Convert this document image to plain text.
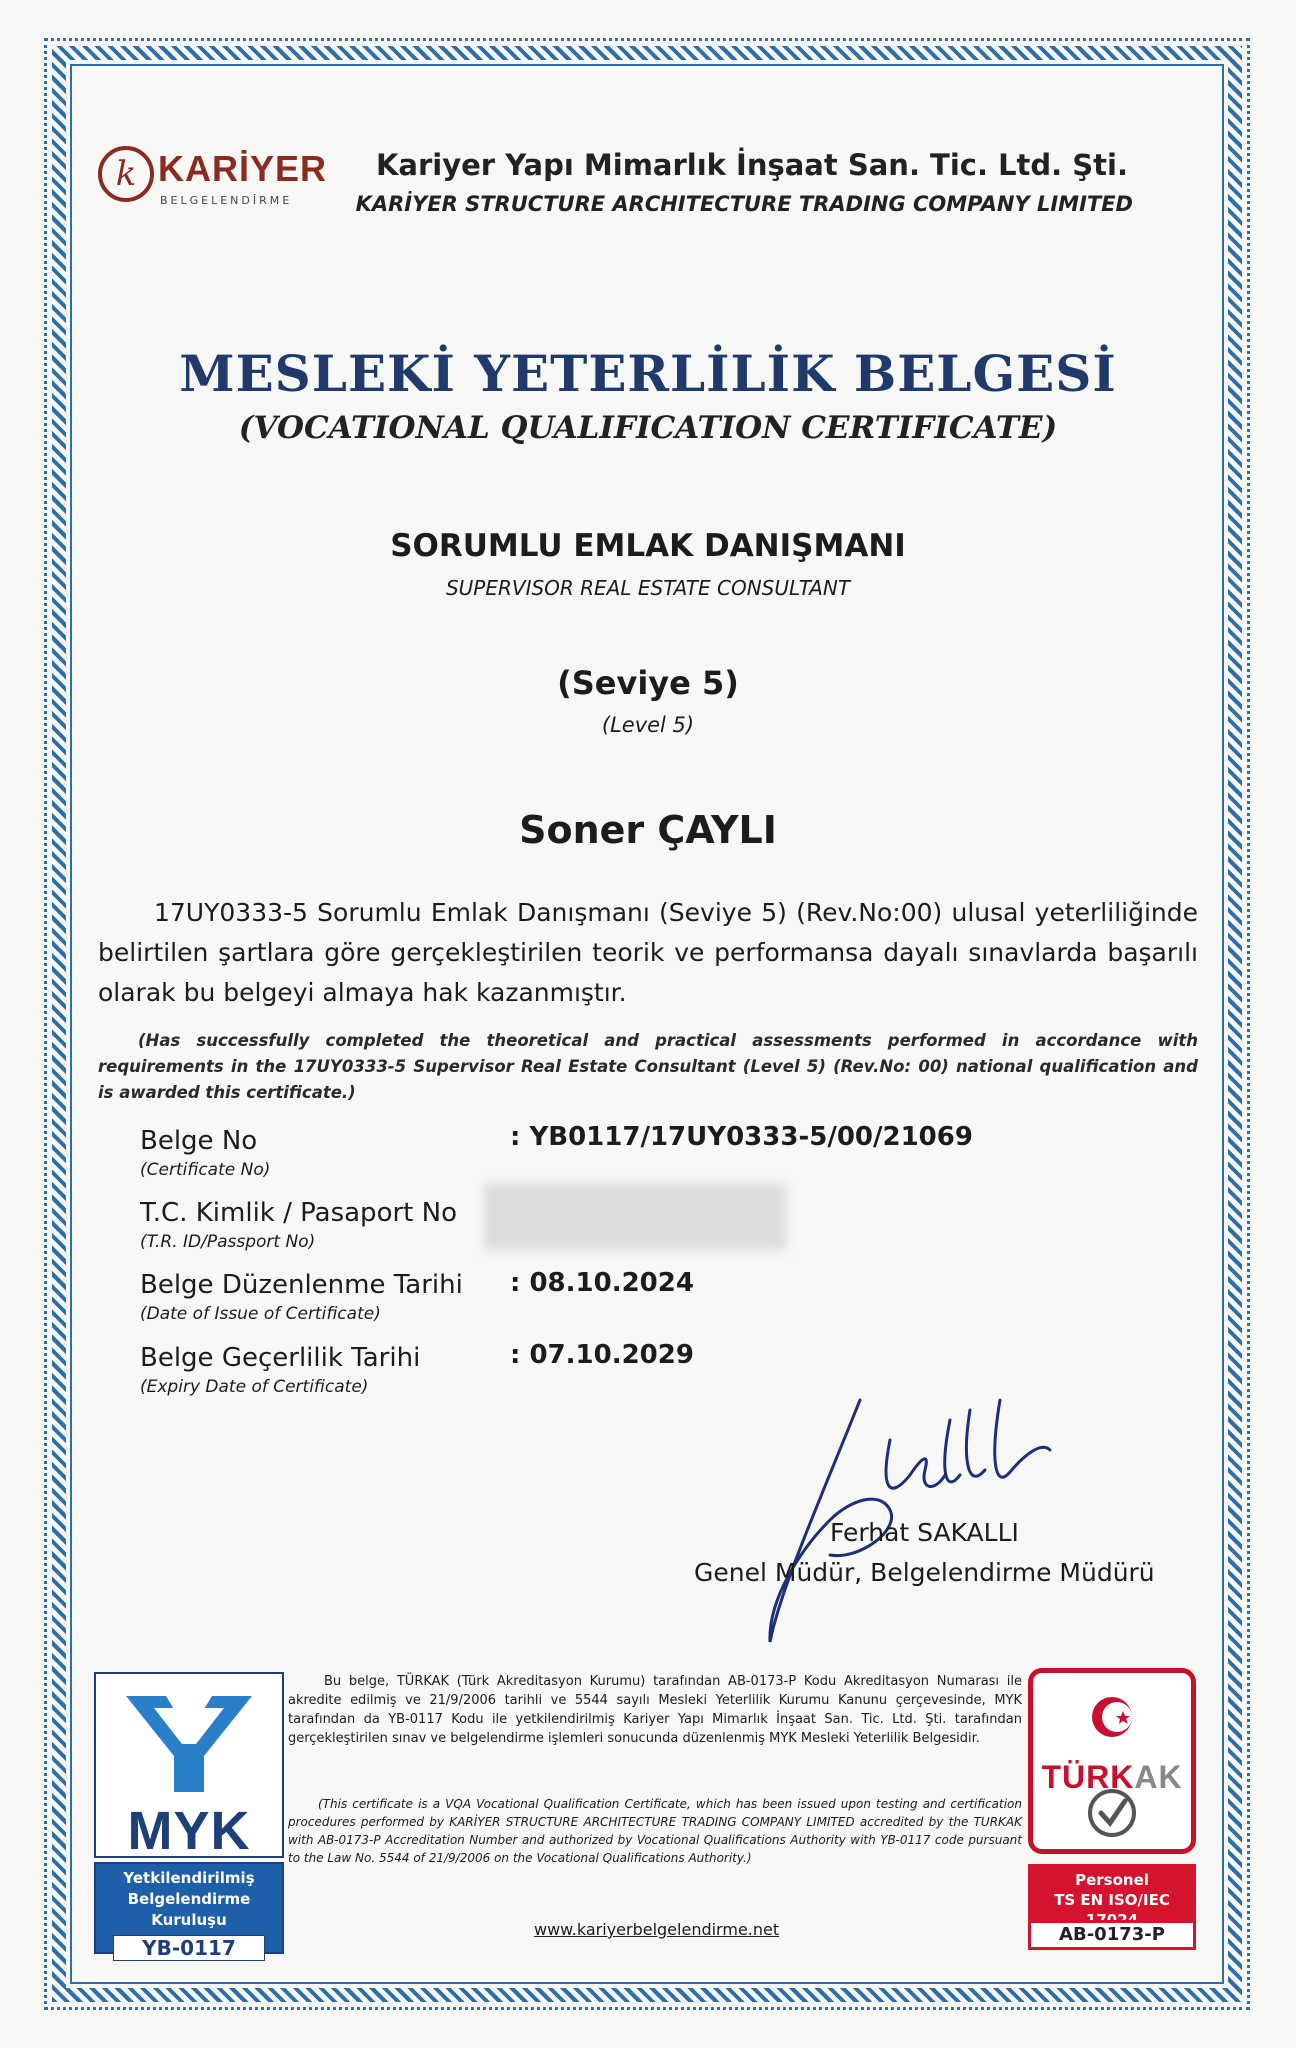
k KARİYER
BELGELENDİRME
Kariyer Yapı Mimarlık İnşaat San. Tic. Ltd. Şti.
KARİYER STRUCTURE ARCHITECTURE TRADING COMPANY LIMITED
MESLEKİ YETERLİLİK BELGESİ
(VOCATIONAL QUALIFICATION CERTIFICATE)
SORUMLU EMLAK DANIŞMANI
SUPERVISOR REAL ESTATE CONSULTANT
(Seviye 5)
(Level 5)
Soner ÇAYLI
17UY0333-5 Sorumlu Emlak Danışmanı (Seviye 5) (Rev.No:00) ulusal yeterliliğinde belirtilen şartlara göre gerçekleştirilen teorik ve performansa dayalı sınavlarda başarılı olarak bu belgeyi almaya hak kazanmıştır.
(Has successfully completed the theoretical and practical assessments performed in accordance with requirements in the 17UY0333-5 Supervisor Real Estate Consultant (Level 5) (Rev.No: 00) national qualification and is awarded this certificate.)
Belge No
(Certificate No)
: YB0117/17UY0333-5/00/21069
T.C. Kimlik / Pasaport No
(T.R. ID/Passport No)
Belge Düzenlenme Tarihi
(Date of Issue of Certificate)
: 08.10.2024
Belge Geçerlilik Tarihi
(Expiry Date of Certificate)
: 07.10.2029
Ferhat SAKALLI
Genel Müdür, Belgelendirme Müdürü
MYK
Yetkilendirilmiş
Belgelendirme Kuruluşu
YB-0117
Bu belge, TÜRKAK (Türk Akreditasyon Kurumu) tarafından AB-0173-P Kodu Akreditasyon Numarası ile akredite edilmiş ve 21/9/2006 tarihli ve 5544 sayılı Mesleki Yeterlilik Kurumu Kanunu çerçevesinde, MYK tarafından da YB-0117 Kodu ile yetkilendirilmiş Kariyer Yapı Mimarlık İnşaat San. Tic. Ltd. Şti. tarafından gerçekleştirilen sınav ve belgelendirme işlemleri sonucunda düzenlenmiş MYK Mesleki Yeterlilik Belgesidir.
(This certificate is a VQA Vocational Qualification Certificate, which has been issued upon testing and certification procedures performed by KARİYER STRUCTURE ARCHITECTURE TRADING COMPANY LIMITED accredited by the TURKAK with AB-0173-P Accreditation Number and authorized by Vocational Qualifications Authority with YB-0117 code pursuant to the Law No. 5544 of 21/9/2006 on the Vocational Qualifications Authority.)
www.kariyerbelgelendirme.net
TÜRKAK
Personel
TS EN ISO/IEC
AB-0173-P
